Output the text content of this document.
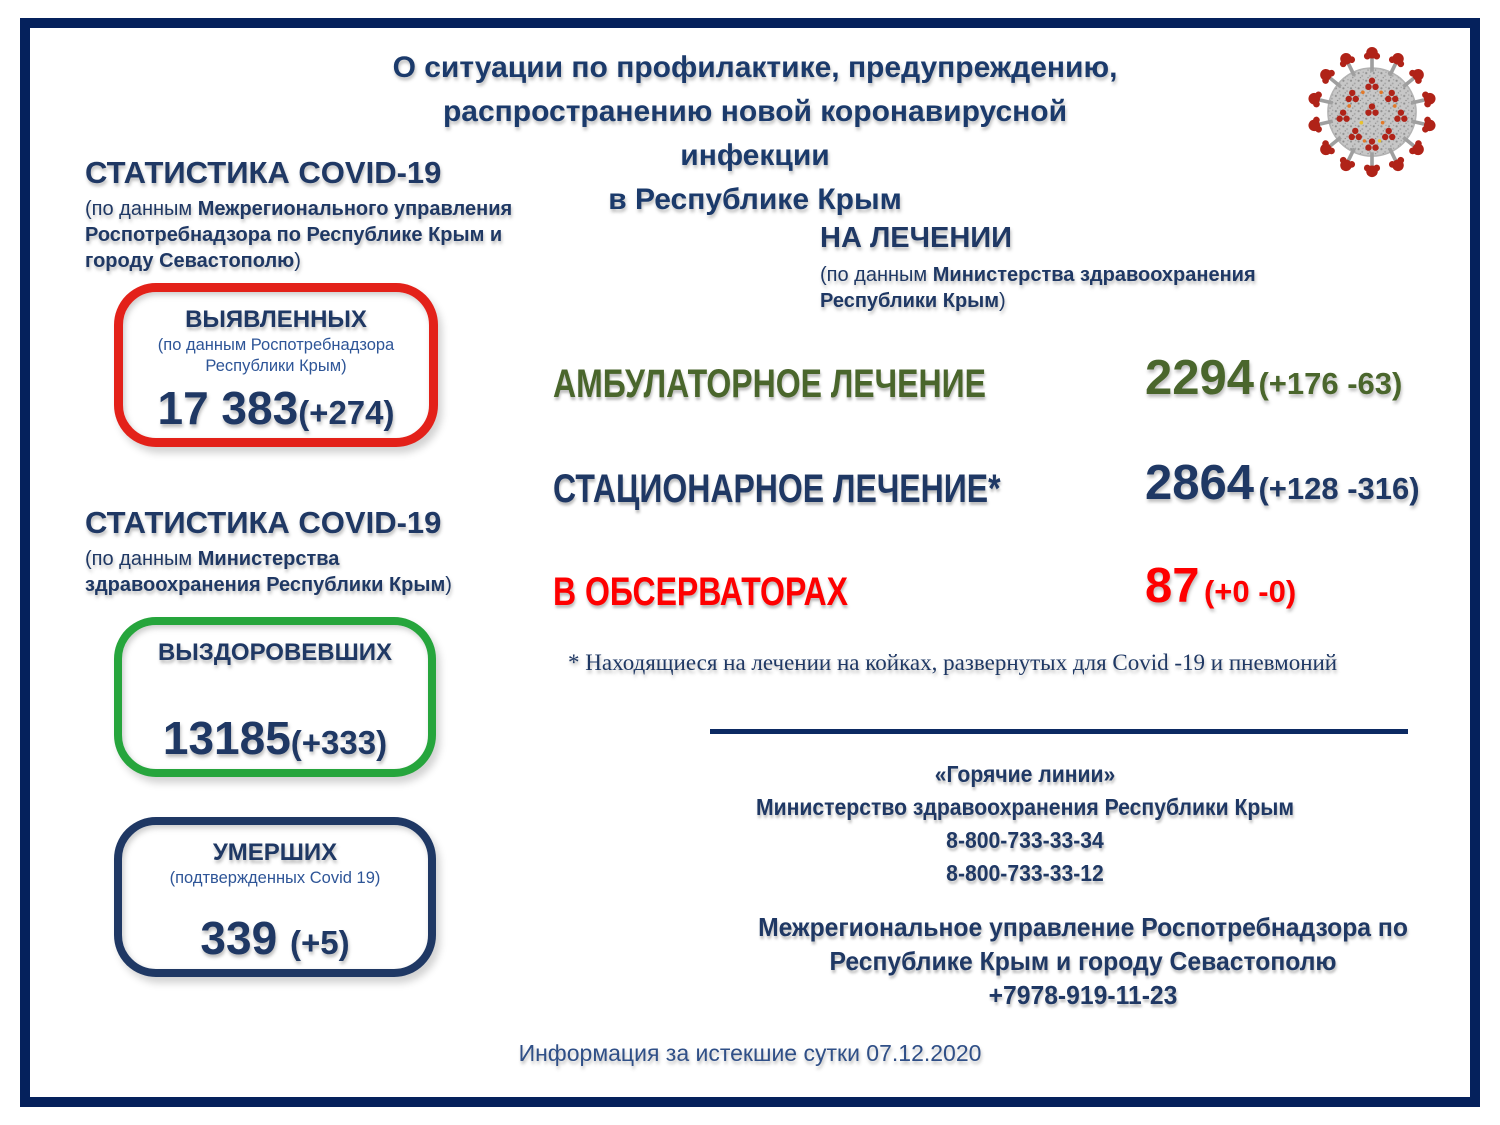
О ситуации по профилактике, предупреждению,
распространению новой коронавирусной инфекции
в Республике Крым
СТАТИСТИКА COVID-19
(по данным Межрегионального управления Роспотребнадзора по Республике Крым и городу Севастополю)
ВЫЯВЛЕННЫХ
(по данным Роспотребнадзора
Республики Крым)
17 383(+274)
СТАТИСТИКА COVID-19
(по данным Министерства здравоохранения Республики Крым)
ВЫЗДОРОВЕВШИХ
13185(+333)
УМЕРШИХ
(подтвержденных Covid 19)
339 (+5)
НА ЛЕЧЕНИИ
(по данным Министерства здравоохранения Республики Крым)
АМБУЛАТОРНОЕ ЛЕЧЕНИЕ	2294 (+176 -63)
СТАЦИОНАРНОЕ ЛЕЧЕНИЕ*	2864 (+128 -316)
В ОБСЕРВАТОРАХ	87 (+0 -0)
* Находящиеся на лечении на койках, развернутых для Covid -19 и пневмоний
«Горячие линии»
Министерство здравоохранения Республики Крым
8-800-733-33-34
8-800-733-33-12
Межрегиональное управление Роспотребнадзора по Республике Крым и городу Севастополю
+7978-919-11-23
Информация за истекшие сутки 07.12.2020
